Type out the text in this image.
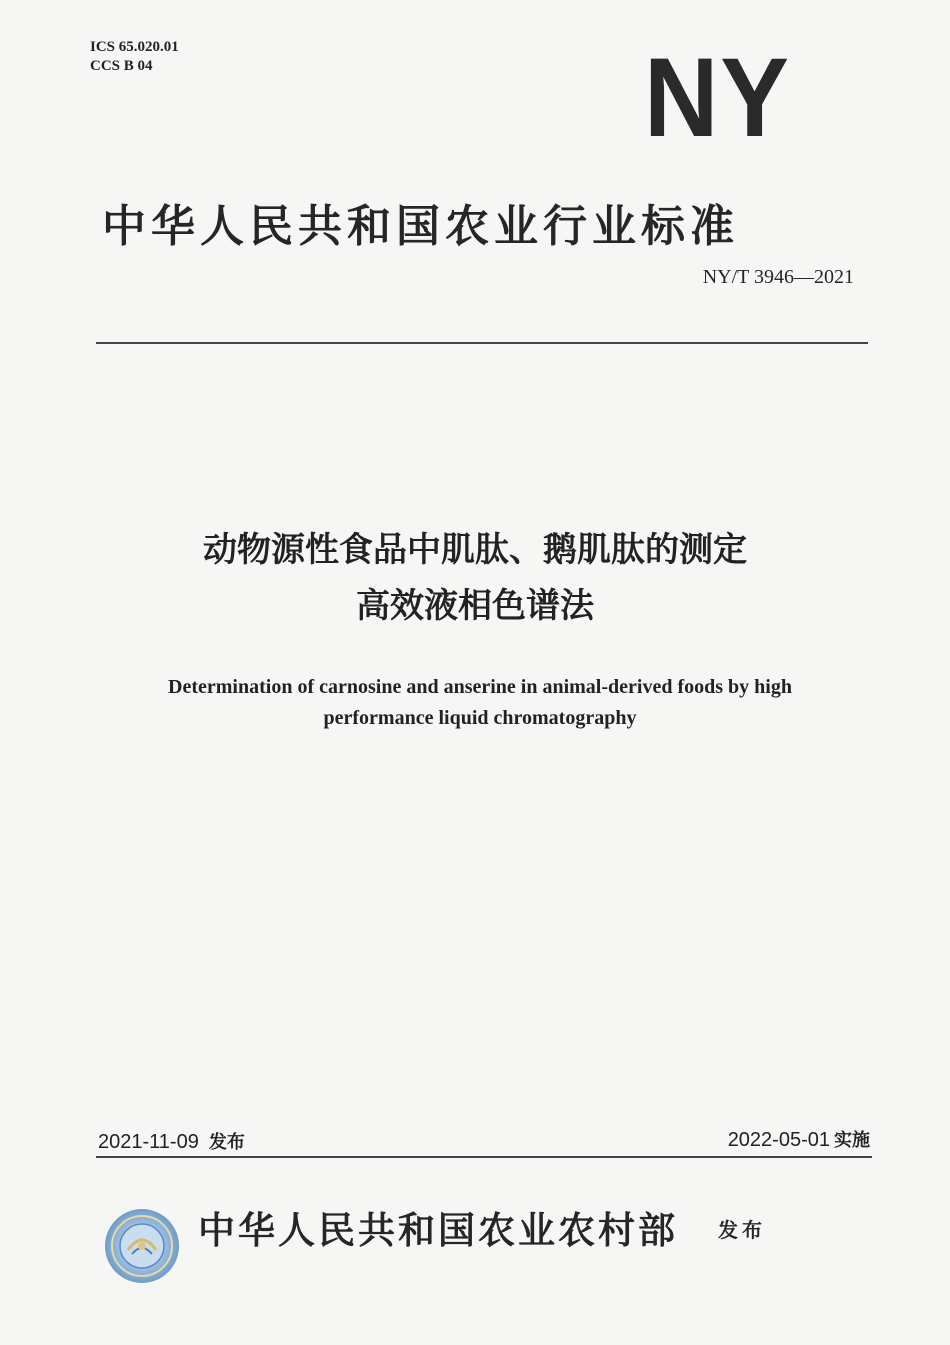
ICS 65.020.01
CCS B 04	NY
中华人民共和国农业行业标准
NY/T 3946—2021
动物源性食品中肌肽、鹅肌肽的测定
高效液相色谱法
Determination of carnosine and anserine in animal-derived foods by high
performance liquid chromatography
2021-11-09 发布	2022-05-01 实施
中华人民共和国农业农村部 发布
